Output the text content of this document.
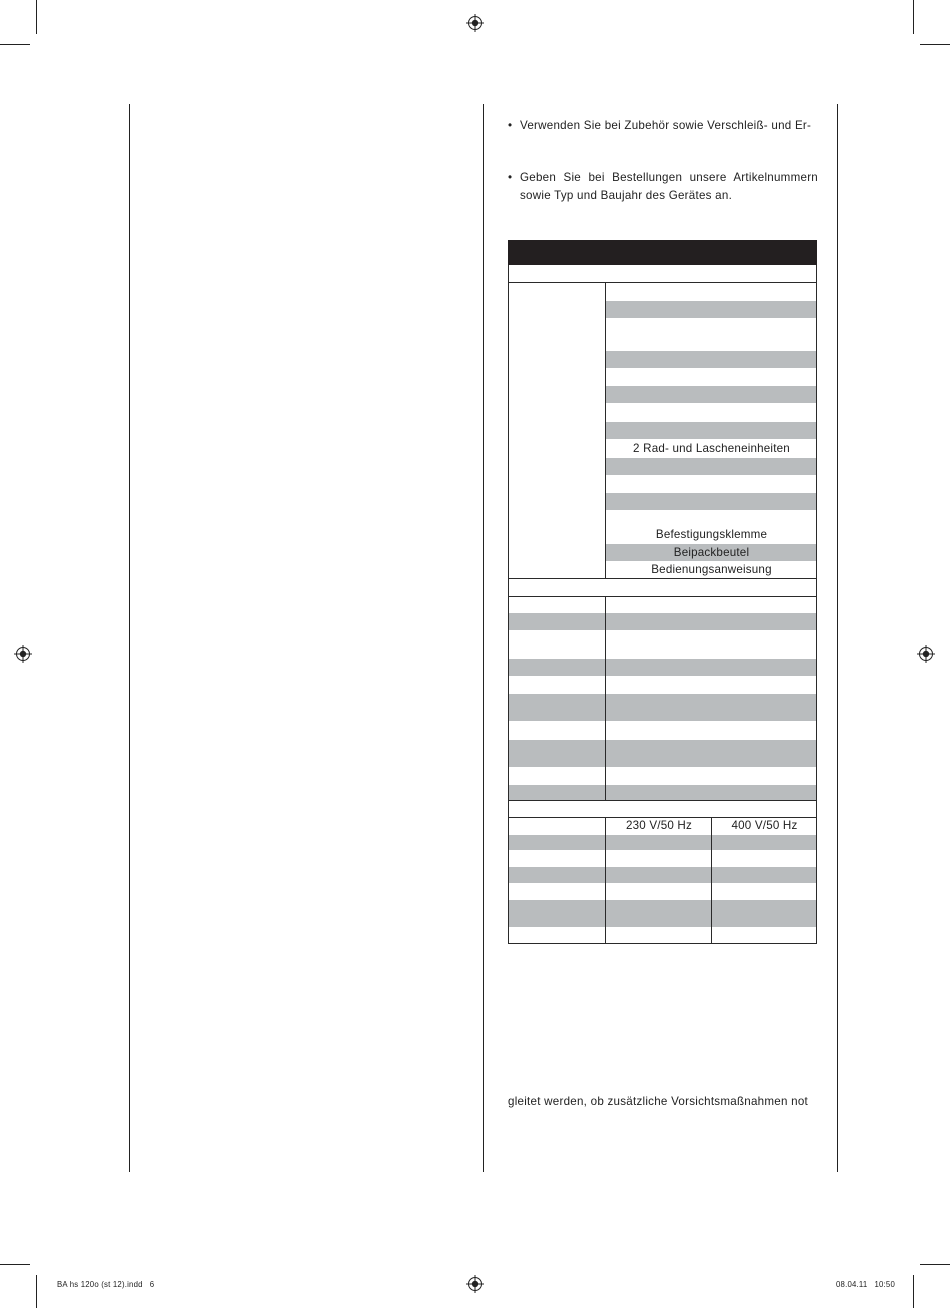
• Verwenden Sie bei Zubehör sowie Verschleiß- und Er-
• Geben Sie bei Bestellungen unsere Artikelnummern sowie Typ und Baujahr des Gerätes an.
2 Rad- und Lascheneinheiten
Befestigungsklemme
Beipackbeutel
Bedienungsanweisung
230 V/50 Hz	400 V/50 Hz
gleitet werden, ob zusätzliche Vorsichtsmaßnahmen not
BA hs 120o (st 12).indd   6	08.04.11   10:50
